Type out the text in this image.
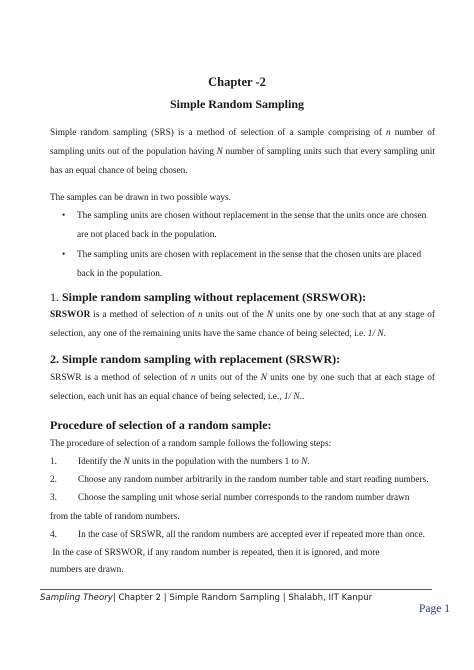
Chapter -2
Simple Random Sampling

Simple random sampling (SRS) is a method of selection of a sample comprising of n number of sampling units out of the population having N number of sampling units such that every sampling unit has an equal chance of being chosen.

The samples can be drawn in two possible ways.

• The sampling units are chosen without replacement in the sense that the units once are chosen are not placed back in the population.
• The sampling units are chosen with replacement in the sense that the chosen units are placed back in the population.
1. Simple random sampling without replacement (SRSWOR):

SRSWOR is a method of selection of n units out of the N units one by one such that at any stage of selection, any one of the remaining units have the same chance of being selected, i.e. 1/ N.

2. Simple random sampling with replacement (SRSWR):

SRSWR is a method of selection of n units out of the N units one by one such that at each stage of selection, each unit has an equal chance of being selected, i.e., 1/ N..

Procedure of selection of a random sample:

The procedure of selection of a random sample follows the following steps:

1. Identify the N units in the population with the numbers 1 to N.
2. Choose any random number arbitrarily in the random number table and start reading numbers.
3. Choose the sampling unit whose serial number corresponds to the random number drawn
from the table of random numbers.
4. In the case of SRSWR, all the random numbers are accepted ever if repeated more than once.

In the case of SRSWOR, if any random number is repeated, then it is ignored, and more

numbers are drawn.

Sampling Theory| Chapter 2 | Simple Random Sampling | Shalabh, IIT Kanpur
Page 1
